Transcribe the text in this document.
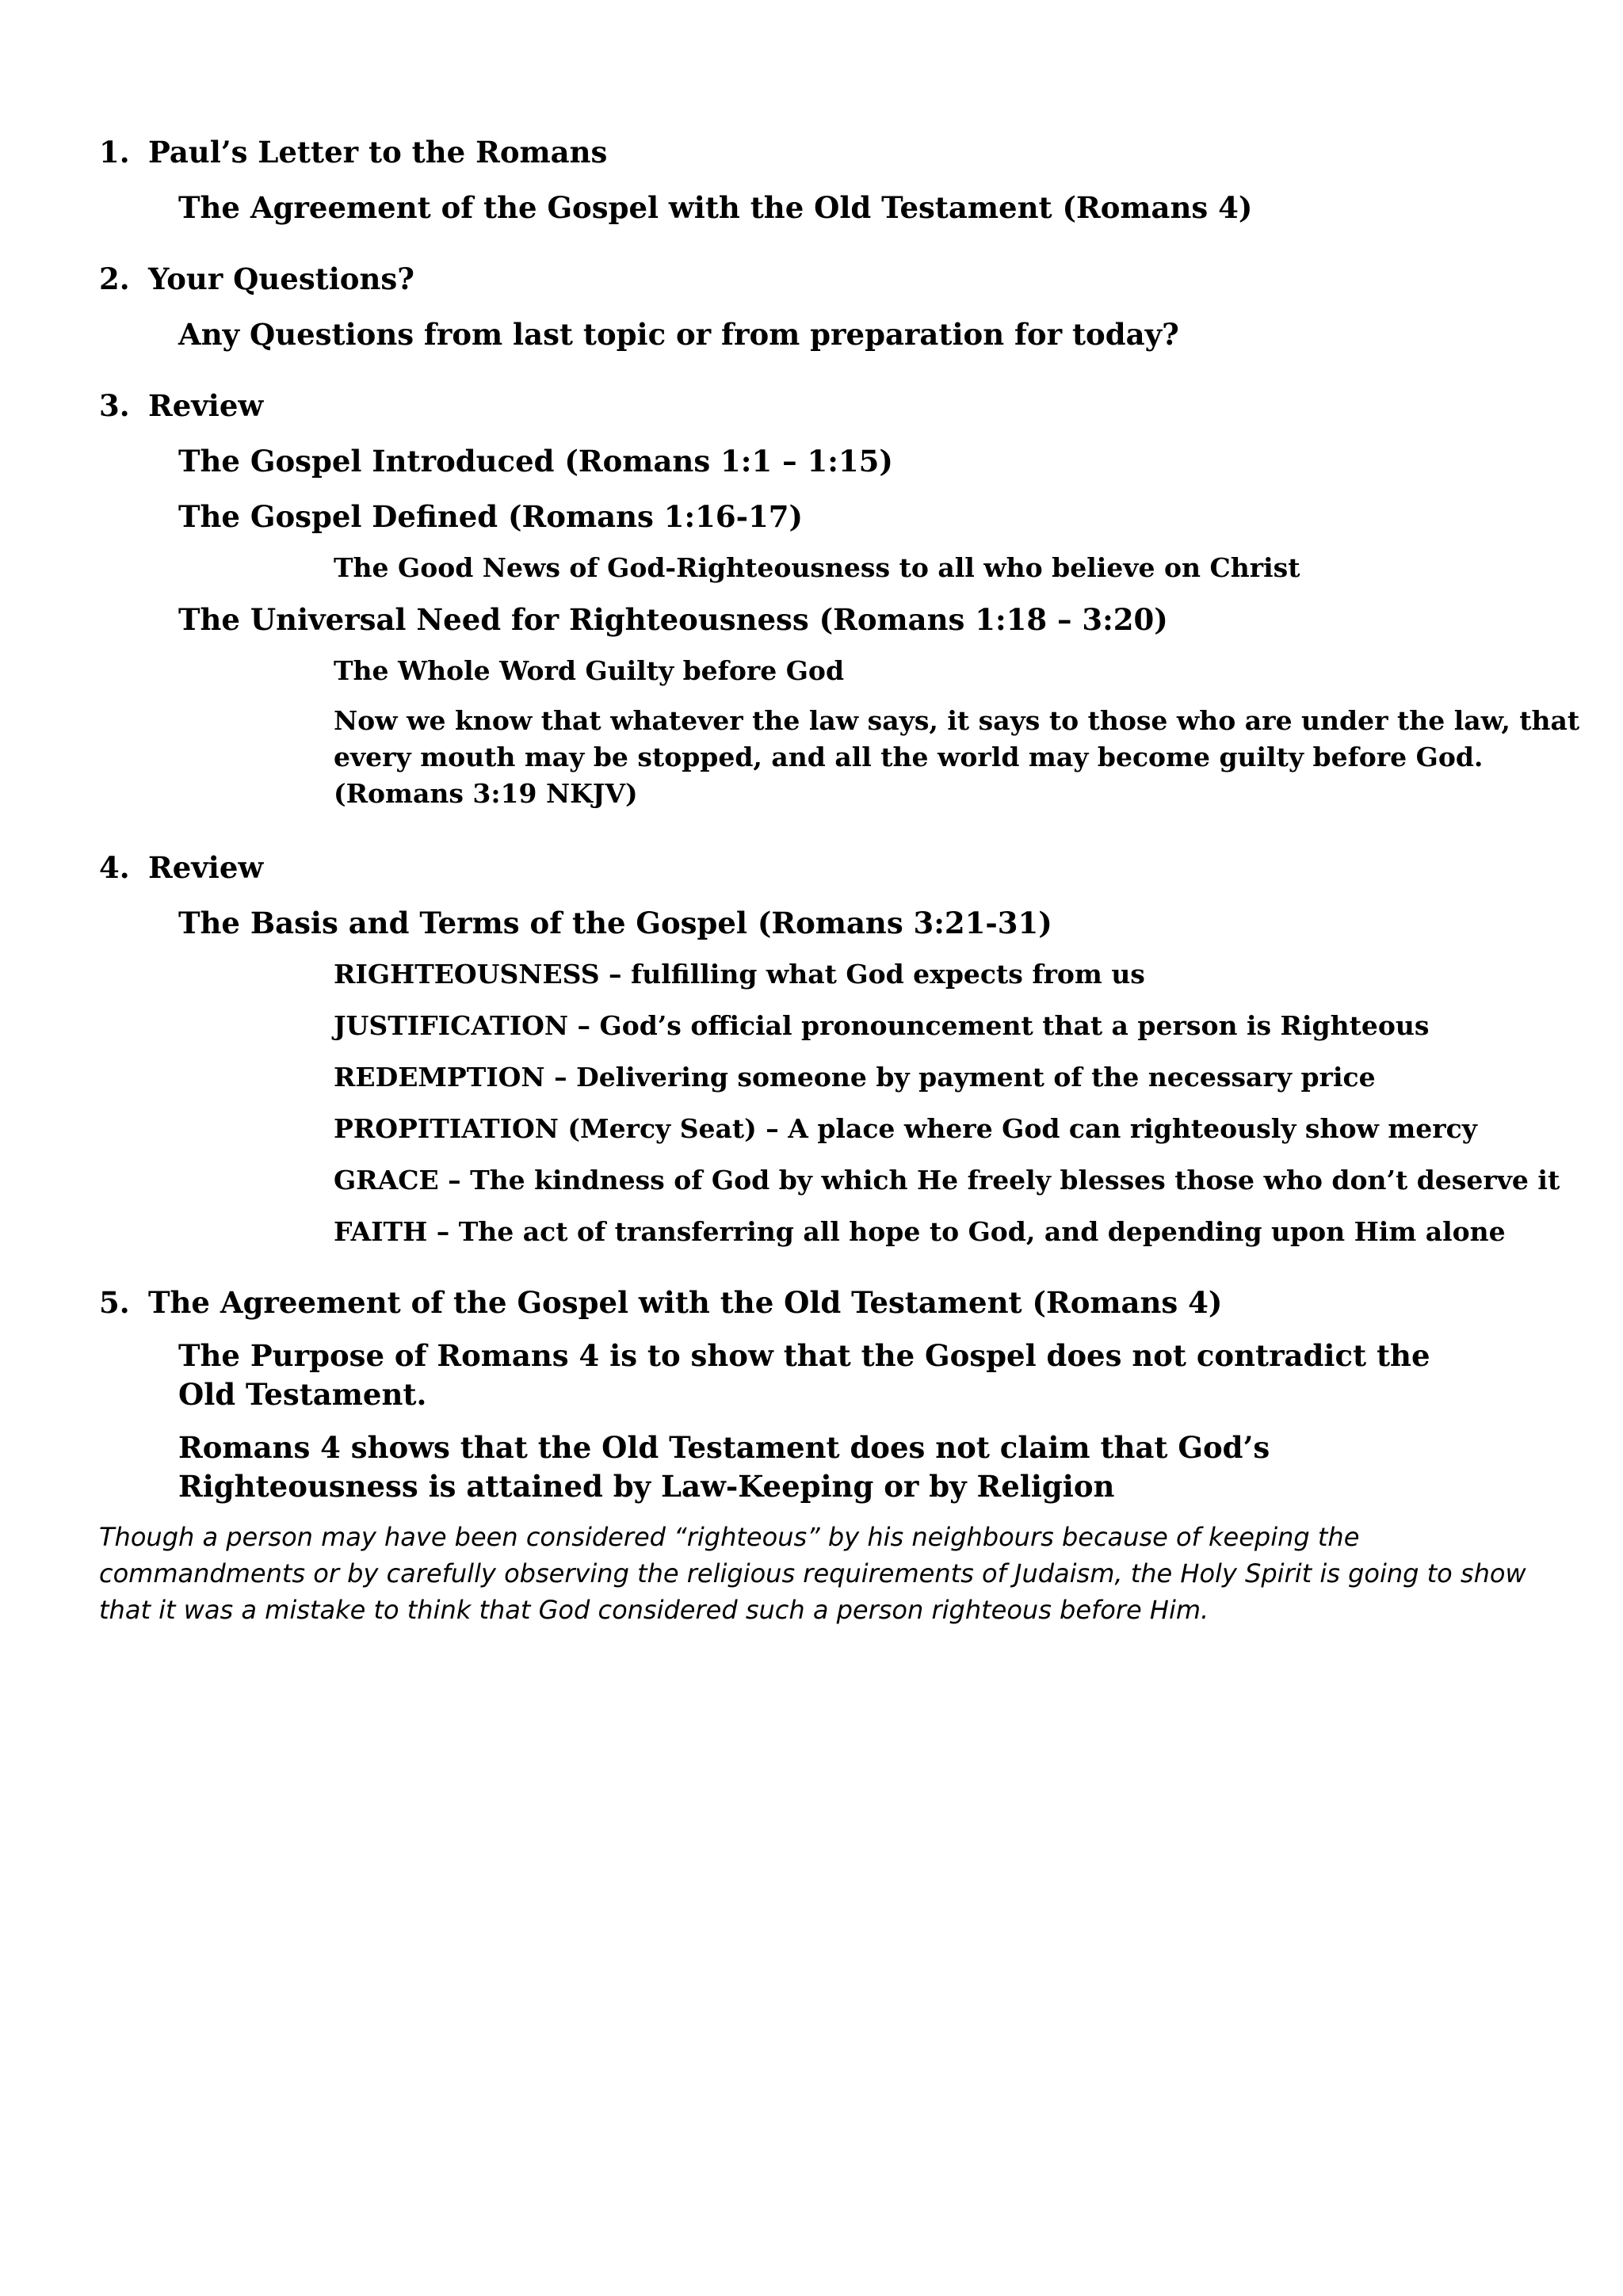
1. Paul’s Letter to the Romans
The Agreement of the Gospel with the Old Testament (Romans 4)
2. Your Questions?
Any Questions from last topic or from preparation for today?
3. Review
The Gospel Introduced (Romans 1:1 – 1:15)
The Gospel Defined (Romans 1:16-17)
The Good News of God-Righteousness to all who believe on Christ
The Universal Need for Righteousness (Romans 1:18 – 3:20)
The Whole Word Guilty before God
Now we know that whatever the law says, it says to those who are under the law, that every mouth may be stopped, and all the world may become guilty before God. (Romans 3:19 NKJV)
4. Review
The Basis and Terms of the Gospel (Romans 3:21-31)
RIGHTEOUSNESS – fulfilling what God expects from us
JUSTIFICATION – God’s official pronouncement that a person is Righteous
REDEMPTION – Delivering someone by payment of the necessary price
PROPITIATION (Mercy Seat) – A place where God can righteously show mercy
GRACE – The kindness of God by which He freely blesses those who don’t deserve it
FAITH – The act of transferring all hope to God, and depending upon Him alone
5. The Agreement of the Gospel with the Old Testament (Romans 4)
The Purpose of Romans 4 is to show that the Gospel does not contradict the Old Testament.
Romans 4 shows that the Old Testament does not claim that God’s Righteousness is attained by Law-Keeping or by Religion
Though a person may have been considered “righteous” by his neighbours because of keeping the commandments or by carefully observing the religious requirements of Judaism, the Holy Spirit is going to show that it was a mistake to think that God considered such a person righteous before Him.
